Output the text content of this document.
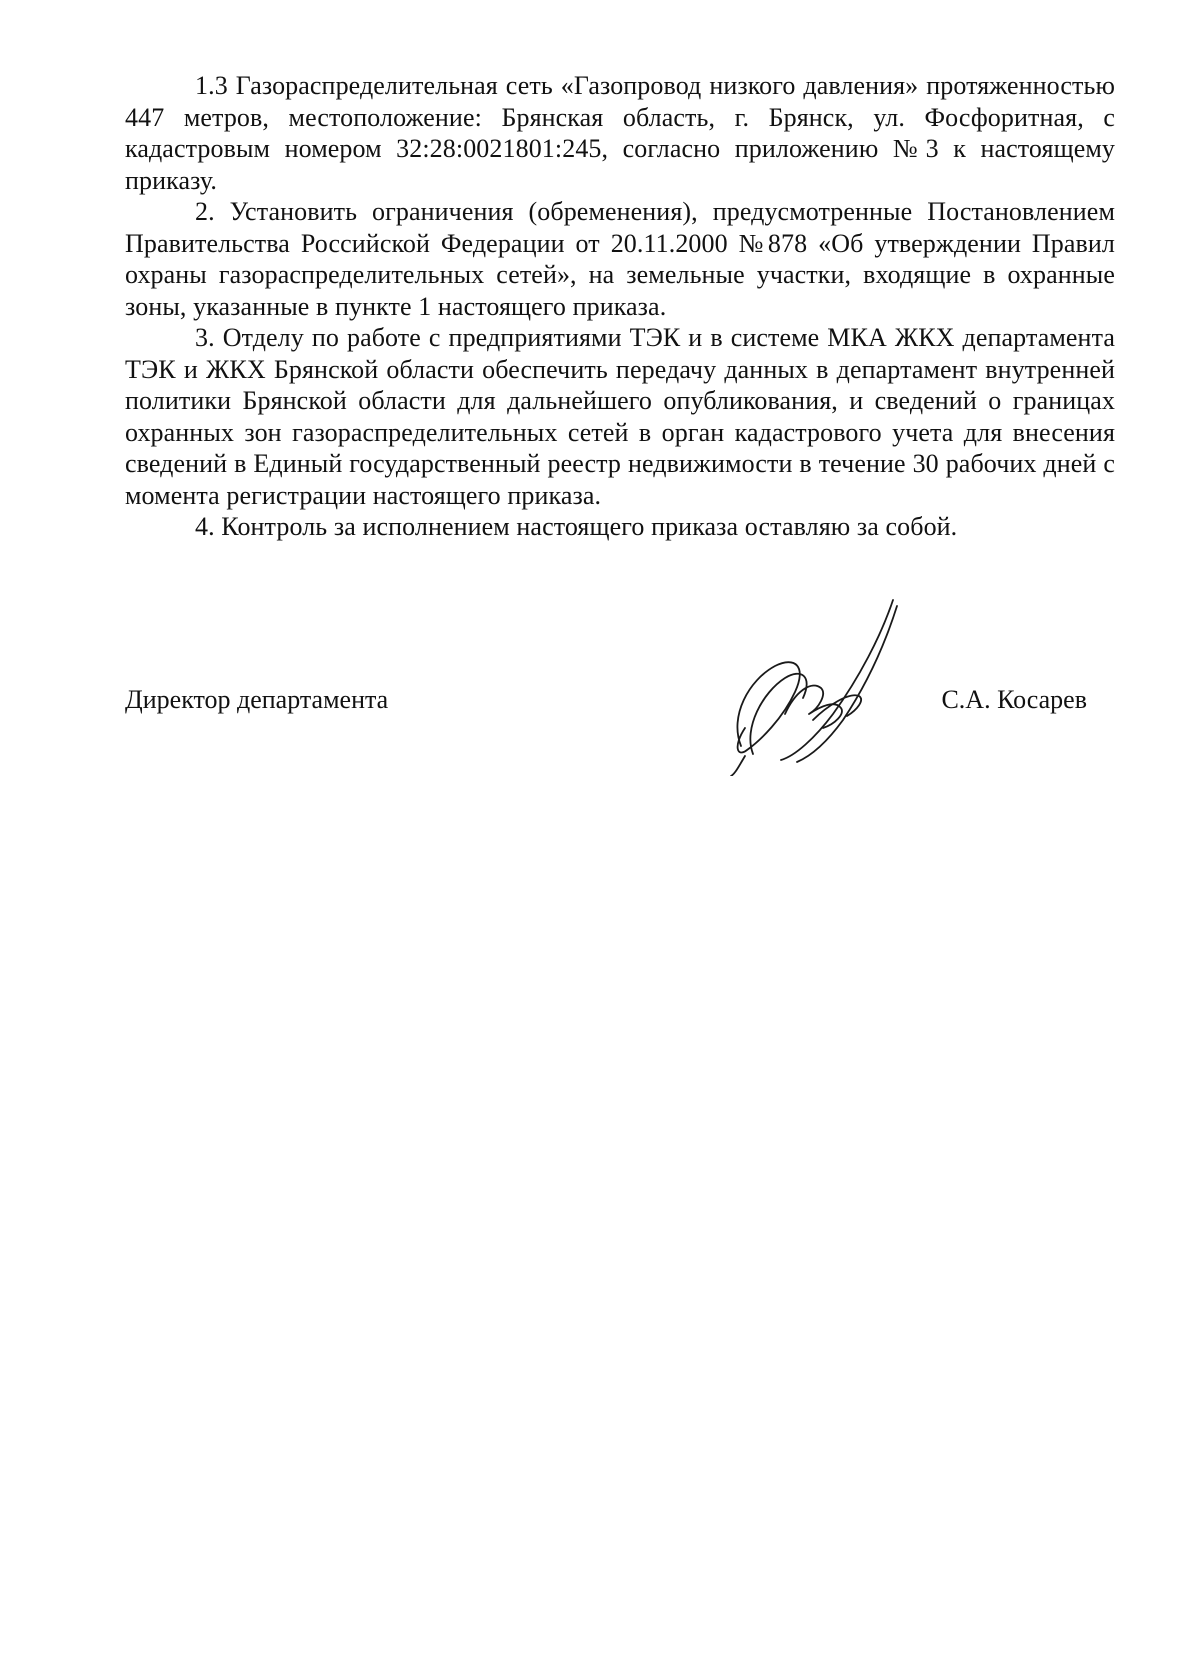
1.3 Газораспределительная сеть «Газопровод низкого давления» протяженностью 447 метров, местоположение: Брянская область, г. Брянск, ул. Фосфоритная, с кадастровым номером 32:28:0021801:245, согласно приложению №3 к настоящему приказу.

2. Установить ограничения (обременения), предусмотренные Постановлением Правительства Российской Федерации от 20.11.2000 №878 «Об утверждении Правил охраны газораспределительных сетей», на земельные участки, входящие в охранные зоны, указанные в пункте 1 настоящего приказа.

3. Отделу по работе с предприятиями ТЭК и в системе МКА ЖКХ департамента ТЭК и ЖКХ Брянской области обеспечить передачу данных в департамент внутренней политики Брянской области для дальнейшего опубликования, и сведений о границах охранных зон газораспределительных сетей в орган кадастрового учета для внесения сведений в Единый государственный реестр недвижимости в течение 30 рабочих дней с момента регистрации настоящего приказа.

4. Контроль за исполнением настоящего приказа оставляю за собой.

Директор департамента	С.А. Косарев
